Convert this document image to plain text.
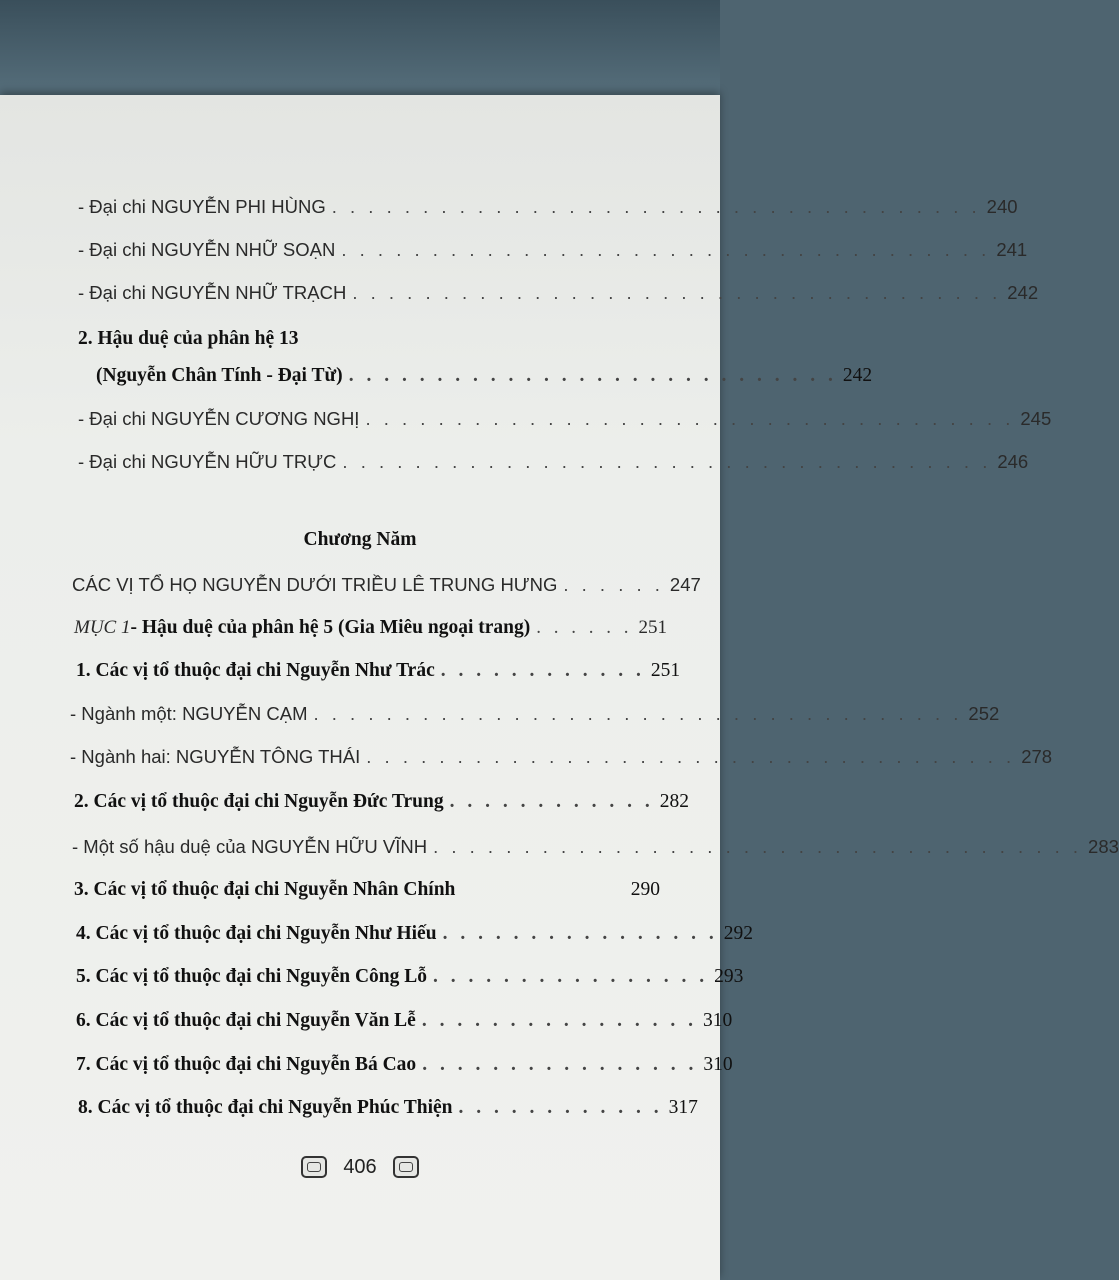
- Đại chi NGUYỄN PHI HÙNG . . . . . . . . . . . . . . . . . . . . . . . . . . . . . . . . . . . . 240
- Đại chi NGUYỄN NHỮ SOẠN . . . . . . . . . . . . . . . . . . . . . . . . . . . . . . . . . . . . 241
- Đại chi NGUYỄN NHỮ TRẠCH . . . . . . . . . . . . . . . . . . . . . . . . . . . . . . . . . . . . 242
2. Hậu duệ của phân hệ 13
(Nguyễn Chân Tính - Đại Từ) . . . . . . . . . . . . . . . . . . . . . . . . . . . . 242
- Đại chi NGUYỄN CƯƠNG NGHỊ . . . . . . . . . . . . . . . . . . . . . . . . . . . . . . . . . . . . 245
- Đại chi NGUYỄN HỮU TRỰC . . . . . . . . . . . . . . . . . . . . . . . . . . . . . . . . . . . . 246
Chương Năm
CÁC VỊ TỔ HỌ NGUYỄN DƯỚI TRIỀU LÊ TRUNG HƯNG . . . . . . 247
MỤC 1 - Hậu duệ của phân hệ 5 (Gia Miêu ngoại trang) . . . . . . 251
1. Các vị tổ thuộc đại chi Nguyễn Như Trác . . . . . . . . . . . . 251
- Ngành một: NGUYỄN CẠM . . . . . . . . . . . . . . . . . . . . . . . . . . . . . . . . . . . . 252
- Ngành hai: NGUYỄN TÔNG THÁI . . . . . . . . . . . . . . . . . . . . . . . . . . . . . . . . . . . . 278
2. Các vị tổ thuộc đại chi Nguyễn Đức Trung . . . . . . . . . . . . 282
- Một số hậu duệ của NGUYỄN HỮU VĨNH . . . . . . . . . . . . . . . . . . . . . . . . . . . . . . . . . . . . 283
3. Các vị tổ thuộc đại chi Nguyễn Nhân Chính	290
4. Các vị tổ thuộc đại chi Nguyễn Như Hiếu . . . . . . . . . . . . . . . . 292
5. Các vị tổ thuộc đại chi Nguyễn Công Lỗ . . . . . . . . . . . . . . . . 293
6. Các vị tổ thuộc đại chi Nguyễn Văn Lễ . . . . . . . . . . . . . . . . 310
7. Các vị tổ thuộc đại chi Nguyễn Bá Cao . . . . . . . . . . . . . . . . 310
8. Các vị tổ thuộc đại chi Nguyễn Phúc Thiện . . . . . . . . . . . . 317
406
